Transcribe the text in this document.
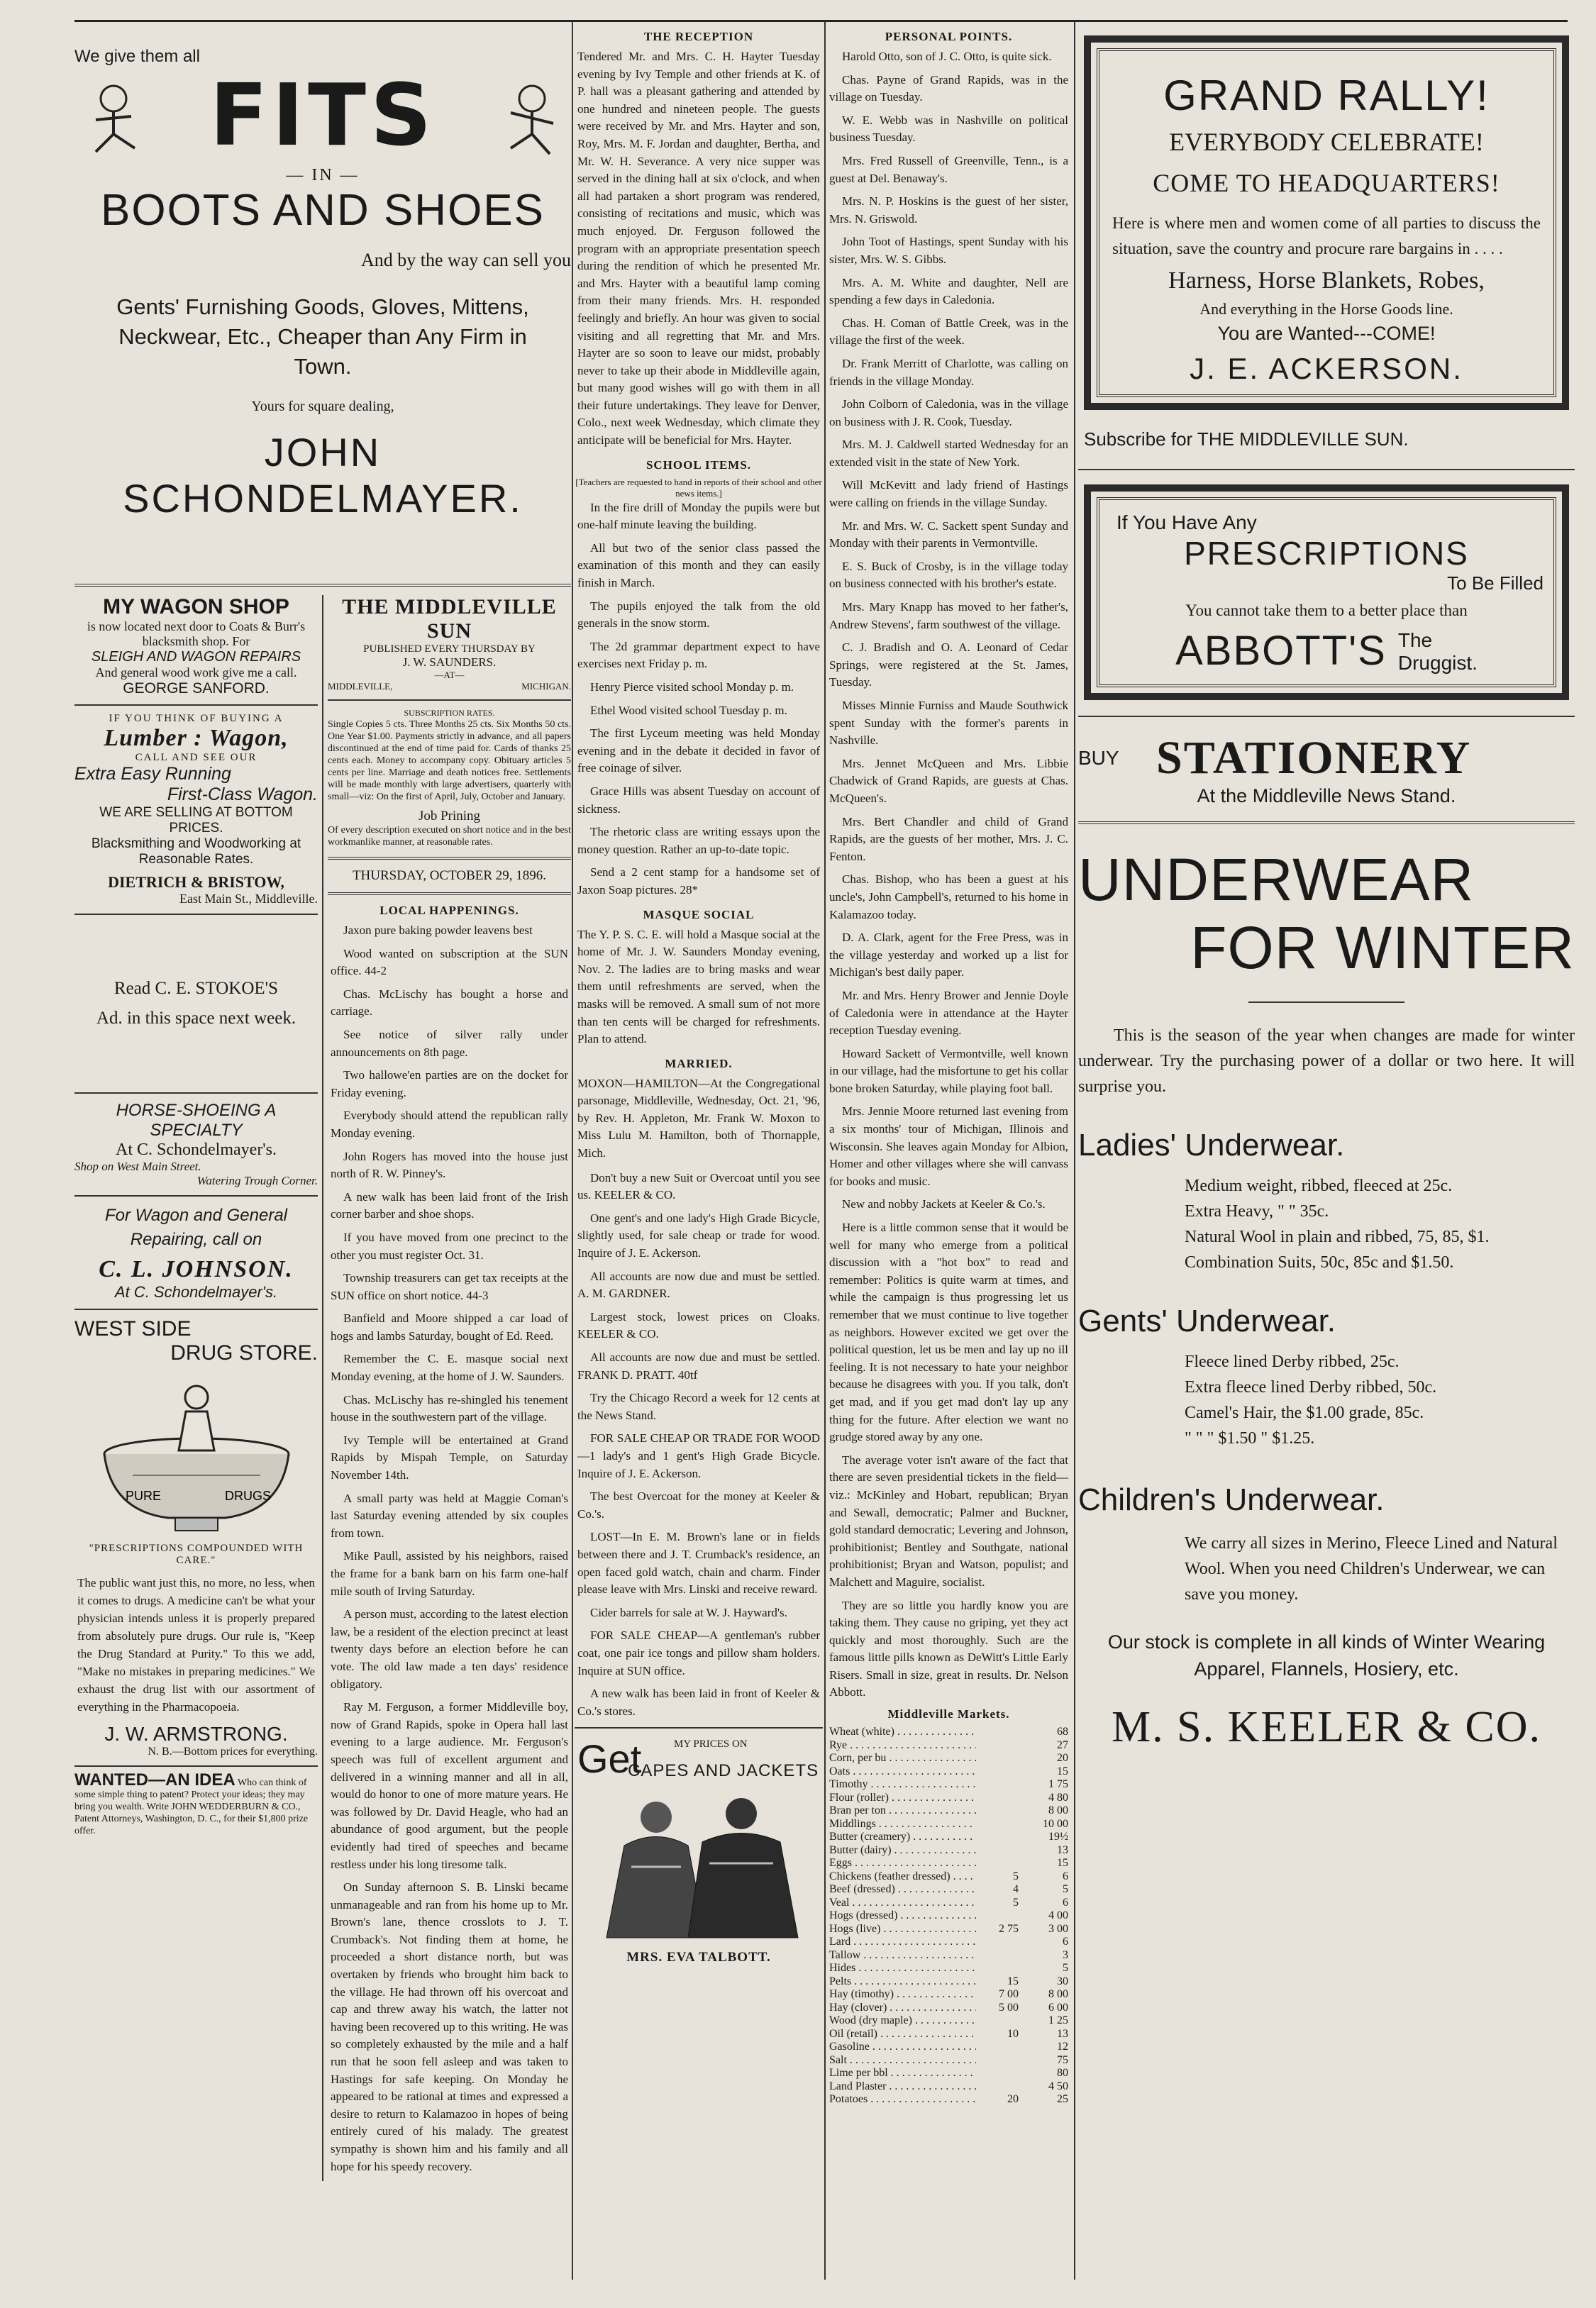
We give them all
FITS
— IN —
BOOTS AND SHOES
And by the way can sell you
Gents' Furnishing Goods, Gloves, Mittens, Neckwear, Etc., Cheaper than Any Firm in Town.
Yours for square dealing,
JOHN SCHONDELMAYER.
MY WAGON SHOP
is now located next door to Coats & Burr's blacksmith shop. For
SLEIGH AND WAGON REPAIRS
And general wood work give me a call.
GEORGE SANFORD.
IF YOU THINK OF BUYING A
Lumber : Wagon,
CALL AND SEE OUR
Extra Easy Running
First-Class Wagon.
WE ARE SELLING AT BOTTOM PRICES.
Blacksmithing and Woodworking at Reasonable Rates.
DIETRICH & BRISTOW,
East Main St., Middleville.
Read C. E. STOKOE'S
Ad. in this space next week.
HORSE-SHOEING A SPECIALTY
At C. Schondelmayer's.
Shop on West Main Street.
Watering Trough Corner.
For Wagon and General Repairing, call on
C. L. JOHNSON.
At C. Schondelmayer's.
WEST SIDE
DRUG STORE.
PURE	DRUGS
"PRESCRIPTIONS COMPOUNDED WITH CARE."
The public want just this, no more, no less, when it comes to drugs. A medicine can't be what your physician intends unless it is properly prepared from absolutely pure drugs. Our rule is, "Keep the Drug Standard at Purity." To this we add, "Make no mistakes in preparing medicines." We exhaust the drug list with our assortment of everything in the Pharmacopoeia.
J. W. ARMSTRONG.
N. B.—Bottom prices for everything.
WANTED—AN IDEA Who can think of some simple thing to patent? Protect your ideas; they may bring you wealth. Write JOHN WEDDERBURN & CO., Patent Attorneys, Washington, D. C., for their $1,800 prize offer.
THE MIDDLEVILLE SUN
PUBLISHED EVERY THURSDAY BY
J. W. SAUNDERS.
—AT—
MIDDLEVILLE,	MICHIGAN.
SUBSCRIPTION RATES.
Single Copies 5 cts. Three Months 25 cts. Six Months 50 cts. One Year $1.00. Payments strictly in advance, and all papers discontinued at the end of time paid for. Cards of thanks 25 cents each. Money to accompany copy. Obituary articles 5 cents per line. Marriage and death notices free. Settlements will be made monthly with large advertisers, quarterly with small—viz: On the first of April, July, October and January.
Job Prining
Of every description executed on short notice and in the best workmanlike manner, at reasonable rates.
THURSDAY, OCTOBER 29, 1896.
LOCAL HAPPENINGS.

Jaxon pure baking powder leavens best

Wood wanted on subscription at the SUN office. 44-2

Chas. McLischy has bought a horse and carriage.

See notice of silver rally under announcements on 8th page.

Two hallowe'en parties are on the docket for Friday evening.

Everybody should attend the republican rally Monday evening.

John Rogers has moved into the house just north of R. W. Pinney's.

A new walk has been laid front of the Irish corner barber and shoe shops.

If you have moved from one precinct to the other you must register Oct. 31.

Township treasurers can get tax receipts at the SUN office on short notice. 44-3

Banfield and Moore shipped a car load of hogs and lambs Saturday, bought of Ed. Reed.

Remember the C. E. masque social next Monday evening, at the home of J. W. Saunders.

Chas. McLischy has re-shingled his tenement house in the southwestern part of the village.

Ivy Temple will be entertained at Grand Rapids by Mispah Temple, on Saturday November 14th.

A small party was held at Maggie Coman's last Saturday evening attended by six couples from town.

Mike Paull, assisted by his neighbors, raised the frame for a bank barn on his farm one-half mile south of Irving Saturday.

A person must, according to the latest election law, be a resident of the election precinct at least twenty days before an election before he can vote. The old law made a ten days' residence obligatory.

Ray M. Ferguson, a former Middleville boy, now of Grand Rapids, spoke in Opera hall last evening to a large audience. Mr. Ferguson's speech was full of excellent argument and delivered in a winning manner and all in all, would do honor to one of more mature years. He was followed by Dr. David Heagle, who had an abundance of good argument, but the people evidently had tired of speeches and became restless under his long tiresome talk.

On Sunday afternoon S. B. Linski became unmanageable and ran from his home up to Mr. Brown's lane, thence crosslots to J. T. Crumback's. Not finding them at home, he proceeded a short distance north, but was overtaken by friends who brought him back to the village. He had thrown off his overcoat and cap and threw away his watch, the latter not having been recovered up to this writing. He was so completely exhausted by the mile and a half run that he soon fell asleep and was taken to Hastings for safe keeping. On Monday he appeared to be rational at times and expressed a desire to return to Kalamazoo in hopes of being entirely cured of his malady. The greatest sympathy is shown him and his family and all hope for his speedy recovery.

THE RECEPTION
Tendered Mr. and Mrs. C. H. Hayter Tuesday evening by Ivy Temple and other friends at K. of P. hall was a pleasant gathering and attended by one hundred and nineteen people. The guests were received by Mr. and Mrs. Hayter and son, Roy, Mrs. M. F. Jordan and daughter, Bertha, and Mr. W. H. Severance. A very nice supper was served in the dining hall at six o'clock, and when all had partaken a short program was rendered, consisting of recitations and music, which was much enjoyed. Dr. Ferguson followed the program with an appropriate presentation speech during the rendition of which he presented Mr. and Mrs. Hayter with a beautiful lamp coming from their many friends. Mrs. H. responded feelingly and briefly. An hour was given to social visiting and all regretting that Mr. and Mrs. Hayter are so soon to leave our midst, probably never to take up their abode in Middleville again, but many good wishes will go with them in all their future undertakings. They leave for Denver, Colo., next week Wednesday, which climate they anticipate will be beneficial for Mrs. Hayter.
SCHOOL ITEMS.
[Teachers are requested to hand in reports of their school and other news items.]

In the fire drill of Monday the pupils were but one-half minute leaving the building.

All but two of the senior class passed the examination of this month and they can easily finish in March.

The pupils enjoyed the talk from the old generals in the snow storm.

The 2d grammar department expect to have exercises next Friday p. m.

Henry Pierce visited school Monday p. m.

Ethel Wood visited school Tuesday p. m.

The first Lyceum meeting was held Monday evening and in the debate it decided in favor of free coinage of silver.

Grace Hills was absent Tuesday on account of sickness.

The rhetoric class are writing essays upon the money question. Rather an up-to-date topic.

Send a 2 cent stamp for a handsome set of Jaxon Soap pictures. 28*

MASQUE SOCIAL
The Y. P. S. C. E. will hold a Masque social at the home of Mr. J. W. Saunders Monday evening, Nov. 2. The ladies are to bring masks and wear them until refreshments are served, when the masks will be removed. A small sum of not more than ten cents will be charged for refreshments. Plan to attend.
MARRIED.
MOXON—HAMILTON—At the Congregational parsonage, Middleville, Wednesday, Oct. 21, '96, by Rev. H. Appleton, Mr. Frank W. Moxon to Miss Lulu M. Hamilton, both of Thornapple, Mich.

Don't buy a new Suit or Overcoat until you see us. KEELER & CO.

One gent's and one lady's High Grade Bicycle, slightly used, for sale cheap or trade for wood. Inquire of J. E. Ackerson.

All accounts are now due and must be settled. A. M. GARDNER.

Largest stock, lowest prices on Cloaks. KEELER & CO.

All accounts are now due and must be settled. FRANK D. PRATT. 40tf

Try the Chicago Record a week for 12 cents at the News Stand.

FOR SALE CHEAP OR TRADE FOR WOOD—1 lady's and 1 gent's High Grade Bicycle. Inquire of J. E. Ackerson.

The best Overcoat for the money at Keeler & Co.'s.

LOST—In E. M. Brown's lane or in fields between there and J. T. Crumback's residence, an open faced gold watch, chain and charm. Finder please leave with Mrs. Linski and receive reward.

Cider barrels for sale at W. J. Hayward's.

FOR SALE CHEAP—A gentleman's rubber coat, one pair ice tongs and pillow sham holders. Inquire at SUN office.

A new walk has been laid in front of Keeler & Co.'s stores.

Get	MY PRICES ON
CAPES AND JACKETS
MRS. EVA TALBOTT.
PERSONAL POINTS.

Harold Otto, son of J. C. Otto, is quite sick.

Chas. Payne of Grand Rapids, was in the village on Tuesday.

W. E. Webb was in Nashville on political business Tuesday.

Mrs. Fred Russell of Greenville, Tenn., is a guest at Del. Benaway's.

Mrs. N. P. Hoskins is the guest of her sister, Mrs. N. Griswold.

John Toot of Hastings, spent Sunday with his sister, Mrs. W. S. Gibbs.

Mrs. A. M. White and daughter, Nell are spending a few days in Caledonia.

Chas. H. Coman of Battle Creek, was in the village the first of the week.

Dr. Frank Merritt of Charlotte, was calling on friends in the village Monday.

John Colborn of Caledonia, was in the village on business with J. R. Cook, Tuesday.

Mrs. M. J. Caldwell started Wednesday for an extended visit in the state of New York.

Will McKevitt and lady friend of Hastings were calling on friends in the village Sunday.

Mr. and Mrs. W. C. Sackett spent Sunday and Monday with their parents in Vermontville.

E. S. Buck of Crosby, is in the village today on business connected with his brother's estate.

Mrs. Mary Knapp has moved to her father's, Andrew Stevens', farm southwest of the village.

C. J. Bradish and O. A. Leonard of Cedar Springs, were registered at the St. James, Tuesday.

Misses Minnie Furniss and Maude Southwick spent Sunday with the former's parents in Nashville.

Mrs. Jennet McQueen and Mrs. Libbie Chadwick of Grand Rapids, are guests at Chas. McQueen's.

Mrs. Bert Chandler and child of Grand Rapids, are the guests of her mother, Mrs. J. C. Fenton.

Chas. Bishop, who has been a guest at his uncle's, John Campbell's, returned to his home in Kalamazoo today.

D. A. Clark, agent for the Free Press, was in the village yesterday and worked up a list for Michigan's best daily paper.

Mr. and Mrs. Henry Brower and Jennie Doyle of Caledonia were in attendance at the Hayter reception Tuesday evening.

Howard Sackett of Vermontville, well known in our village, had the misfortune to get his collar bone broken Saturday, while playing foot ball.

Mrs. Jennie Moore returned last evening from a six months' tour of Michigan, Illinois and Wisconsin. She leaves again Monday for Albion, Homer and other villages where she will canvass for books and music.

New and nobby Jackets at Keeler & Co.'s.

Here is a little common sense that it would be well for many who emerge from a political discussion with a "hot box" to read and remember: Politics is quite warm at times, and while the campaign is thus progressing let us remember that we must continue to live together as neighbors. However excited we get over the political question, let us be men and lay up no ill feeling. It is not necessary to hate your neighbor because he disagrees with you. If you talk, don't get mad, and if you get mad don't lay up any thing for the future. After election we want no grudge stored away by any one.

The average voter isn't aware of the fact that there are seven presidential tickets in the field—viz.: McKinley and Hobart, republican; Bryan and Sewall, democratic; Palmer and Buckner, gold standard democratic; Levering and Johnson, prohibitionist; Bentley and Southgate, national prohibitionist; Bryan and Watson, populist; and Malchett and Maguire, socialist.

They are so little you hardly know you are taking them. They cause no griping, yet they act quickly and most thoroughly. Such are the famous little pills known as DeWitt's Little Early Risers. Small in size, great in results. Dr. Nelson Abbott.

Middleville Markets.
Wheat (white) . . .	68
Rye . . .	27
Corn, per bu . . .	20
Oats . . .	15
Timothy . . .	1 75
Flour (roller) . . .	4 80
Bran per ton . . .	8 00
Middlings . . .	10 00
Butter (creamery) . . .	19½
Butter (dairy) . . .	13
Eggs . . .	15
Chickens (feather dressed) . . .	5	6
Beef (dressed) . . .	4	5
Veal . . .	5	6
Hogs (dressed) . . .	4 00
Hogs (live) . . .	2 75	3 00
Lard . . .	6
Tallow . . .	3
Hides . . .	5
Pelts . . .	15	30
Hay (timothy) . . .	7 00	8 00
Hay (clover) . . .	5 00	6 00
Wood (dry maple) . . .	1 25
Oil (retail) . . .	10	13
Gasoline . . .	12
Salt . . .	75
Lime per bbl . . .	80
Land Plaster . . .	4 50
Potatoes . . .	20	25
GRAND RALLY!
EVERYBODY CELEBRATE!
COME TO HEADQUARTERS!
Here is where men and women come of all parties to discuss the situation, save the country and procure rare bargains in . . . .
Harness, Horse Blankets, Robes,
And everything in the Horse Goods line.
You are Wanted---COME!
J. E. ACKERSON.
Subscribe for THE MIDDLEVILLE SUN.
If You Have Any
PRESCRIPTIONS
To Be Filled
You cannot take them to a better place than
ABBOTT'S The
Druggist.
BUY STATIONERY
At the Middleville News Stand.
UNDERWEAR
FOR WINTER
This is the season of the year when changes are made for winter underwear. Try the purchasing power of a dollar or two here. It will surprise you.
Ladies' Underwear.
Medium weight, ribbed, fleeced at 25c.
Extra Heavy, " " 35c.
Natural Wool in plain and ribbed, 75, 85, $1.
Combination Suits, 50c, 85c and $1.50.
Gents' Underwear.
Fleece lined Derby ribbed, 25c.
Extra fleece lined Derby ribbed, 50c.
Camel's Hair, the $1.00 grade, 85c.
" " " $1.50 " $1.25.
Children's Underwear.
We carry all sizes in Merino, Fleece Lined and Natural Wool. When you need Children's Underwear, we can save you money.
Our stock is complete in all kinds of Winter Wearing Apparel, Flannels, Hosiery, etc.
M. S. KEELER & CO.
